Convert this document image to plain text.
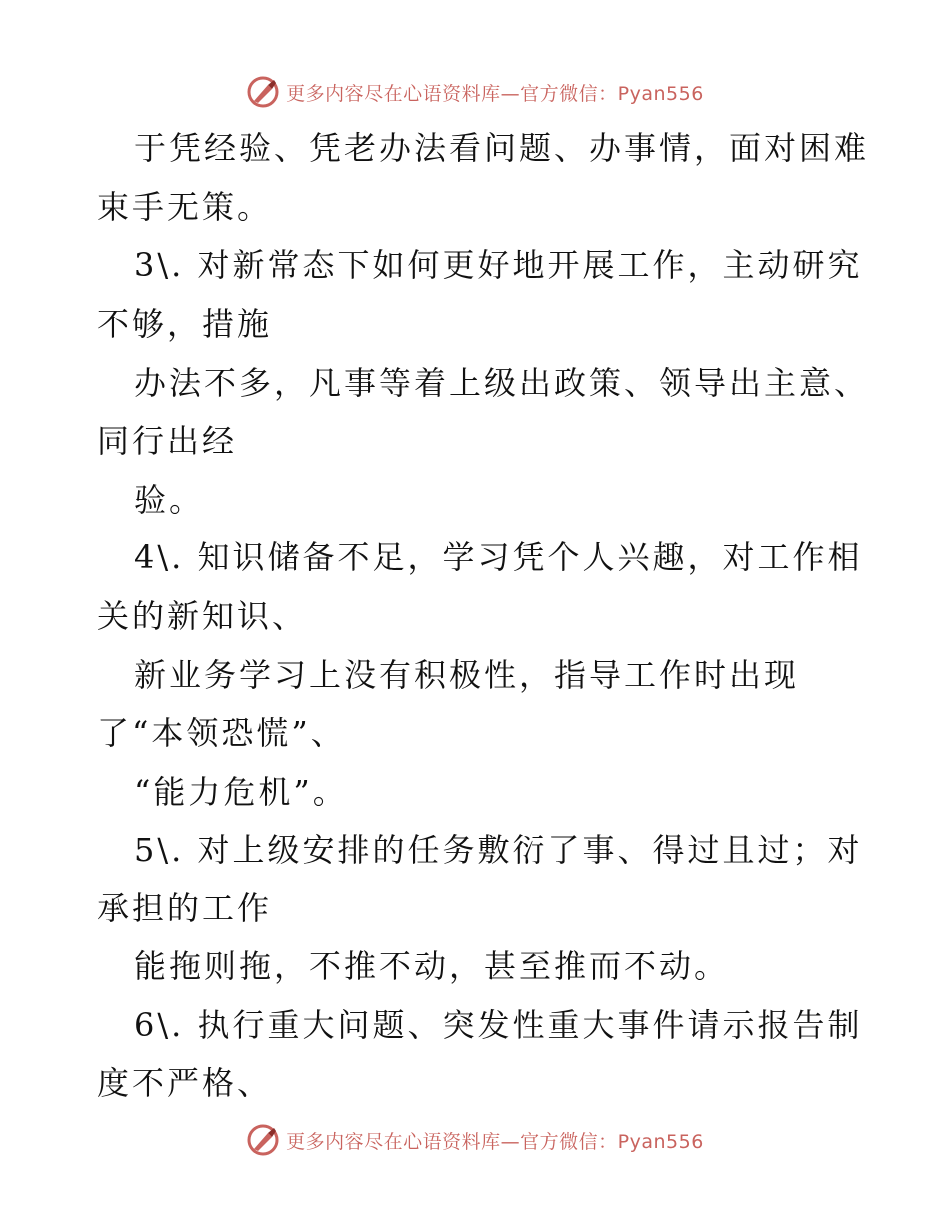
更多内容尽在心语资料库—官方微信：Pyan556
于凭经验、凭老办法看问题、办事情，面对困难
束手无策。
3\. 对新常态下如何更好地开展工作，主动研究
不够，措施
办法不多，凡事等着上级出政策、领导出主意、
同行出经
验。
4\. 知识储备不足，学习凭个人兴趣，对工作相
关的新知识、
新业务学习上没有积极性，指导工作时出现
了“本领恐慌”、
“能力危机”。
5\. 对上级安排的任务敷衍了事、得过且过；对
承担的工作
能拖则拖，不推不动，甚至推而不动。
6\. 执行重大问题、突发性重大事件请示报告制
度不严格、
更多内容尽在心语资料库—官方微信：Pyan556
